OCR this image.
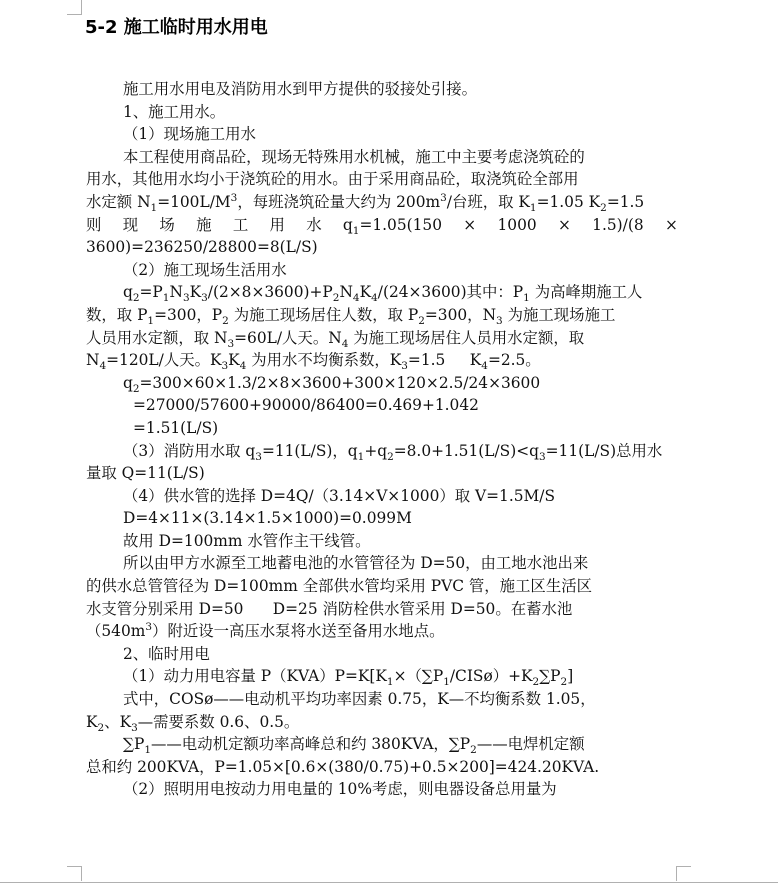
5-2 施工临时用水用电
施工用水用电及消防用水到甲方提供的驳接处引接。
1、施工用水。
（1）现场施工用水
本工程使用商品砼，现场无特殊用水机械，施工中主要考虑浇筑砼的
用水，其他用水均小于浇筑砼的用水。由于采用商品砼，取浇筑砼全部用
水定额 $N_1=100L/M^3$，每班浇筑砼量大约为 $200m^3/$台班，取 $K_1=1.05$ $K_2=1.5$
则 现 场 施 工 用 水 $q_1=1.05(150 \times 1000 \times 1.5)/(8$ ×
3600)=236250/28800=8(L/S)
（2）施工现场生活用水
$q_2=P_1N_3K_3/(2\times 8\times 3600)+P_2N_4K_4/(24\times 3600)$其中：$P_1$ 为高峰期施工人
数，取 $P_1=300$，$P_2$ 为施工现场居住人数，取 $P_2=300$，$N_3$ 为施工现场施工
人员用水定额，取 $N_3=60L/$人天。$N_4$ 为施工现场居住人员用水定额，取
$N_4=120L/$人天。$K_3K_4$ 为用水不均衡系数，$K_3=1.5$     $K_4=2.5$。
$q_2=300\times 60\times 1.3/2\times 8\times 3600+300\times 120\times 2.5/24\times 3600$
=27000/57600+90000/86400=0.469+1.042
=1.51(L/S)
（3）消防用水取 $q_3=11(L/S)$，$q_1+q_2=8.0+1.51(L/S)<q_3=11(L/S)$总用水
量取 Q=11(L/S)
（4）供水管的选择 D=4Q/（3.14×V×1000）取 V=1.5M/S
D=4×11×(3.14×1.5×1000)=0.099M
故用 D=100mm 水管作主干线管。
所以由甲方水源至工地蓄电池的水管管径为 D=50，由工地水池出来
的供水总管管径为 D=100mm 全部供水管均采用 PVC 管，施工区生活区
水支管分别采用 D=50      D=25 消防栓供水管采用 D=50。在蓄水池
$(540m^3)$附近设一高压水泵将水送至备用水地点。
2、临时用电
（1）动力用电容量 $P(KVA)P=K[K_1\times(\sum P_1/CISø)+K_2\sum P_2]$
式中，COSø——电动机平均功率因素 0.75，K—不均衡系数 1.05，
$K_2$、$K_3—$需要系数 0.6、0.5。
$\sum P_1——$电动机定额功率高峰总和约 380KVA，$\sum P_2——$电焊机定额
总和约 200KVA，P=1.05×[0.6×(380/0.75)+0.5×200]=424.20KVA.
（2）照明用电按动力用电量的 10%考虑，则电器设备总用量为
